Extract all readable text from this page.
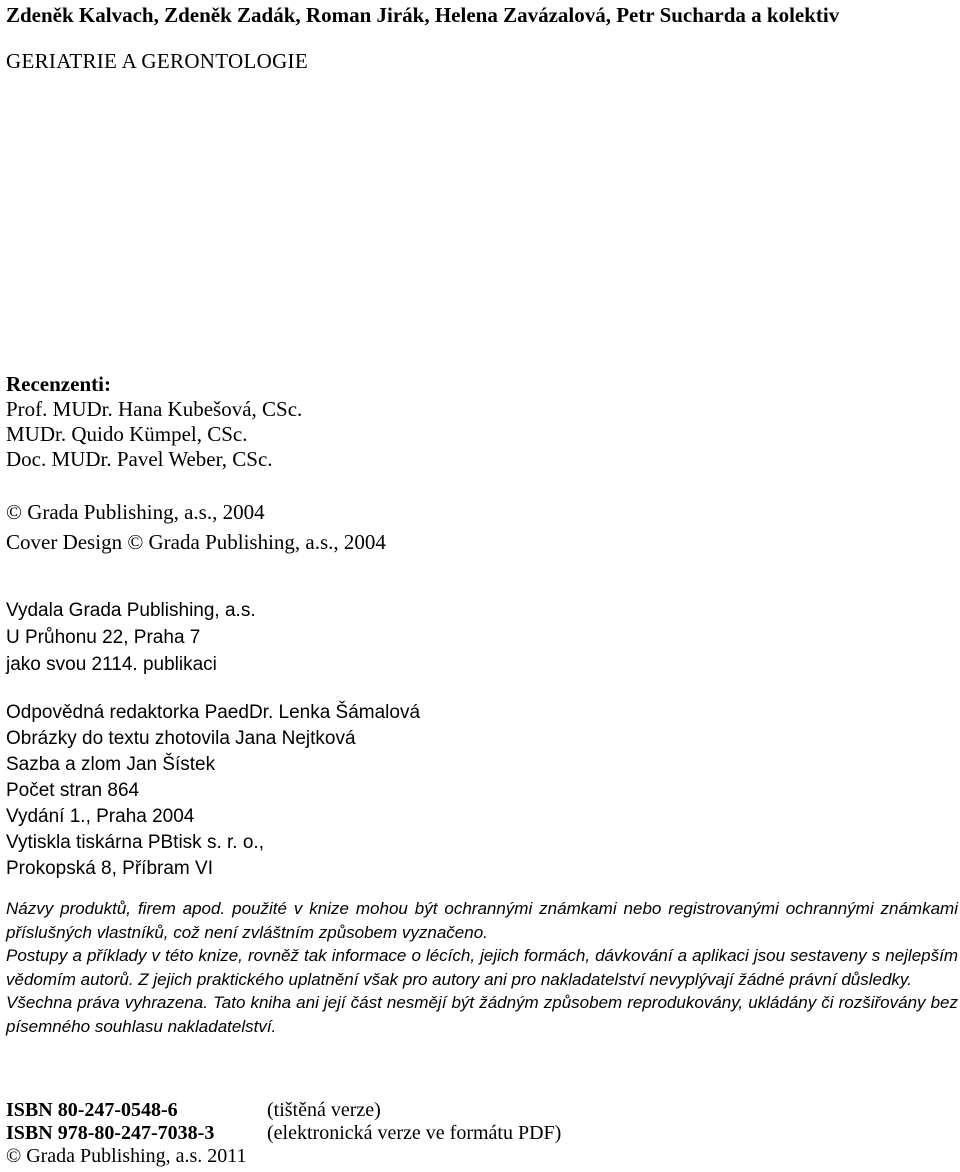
Zdeněk Kalvach, Zdeněk Zadák, Roman Jirák, Helena Zavázalová, Petr Sucharda a kolektiv
GERIATRIE A GERONTOLOGIE
Recenzenti:
Prof. MUDr. Hana Kubešová, CSc.
MUDr. Quido Kümpel, CSc.
Doc. MUDr. Pavel Weber, CSc.
© Grada Publishing, a.s., 2004
Cover Design © Grada Publishing, a.s., 2004
Vydala Grada Publishing, a.s.
U Průhonu 22, Praha 7
jako svou 2114. publikaci
Odpovědná redaktorka PaedDr. Lenka Šámalová
Obrázky do textu zhotovila Jana Nejtková
Sazba a zlom Jan Šístek
Počet stran 864
Vydání 1., Praha 2004
Vytiskla tiskárna PBtisk s. r. o.,
Prokopská 8, Příbram VI

Názvy produktů, firem apod. použité v knize mohou být ochrannými známkami nebo registrovanými ochrannými známkami příslušných vlastníků, což není zvláštním způsobem vyznačeno.

Postupy a příklady v této knize, rovněž tak informace o lécích, jejich formách, dávkování a aplikaci jsou sestaveny s nejlepším vědomím autorů. Z jejich praktického uplatnění však pro autory ani pro nakladatelství nevyplývají žádné právní důsledky.

Všechna práva vyhrazena. Tato kniha ani její část nesmějí být žádným způsobem reprodukovány, ukládány či rozšiřovány bez písemného souhlasu nakladatelství.

ISBN 80-247-0548-6	(tištěná verze)
ISBN 978-80-247-7038-3	(elektronická verze ve formátu PDF)
© Grada Publishing, a.s. 2011
